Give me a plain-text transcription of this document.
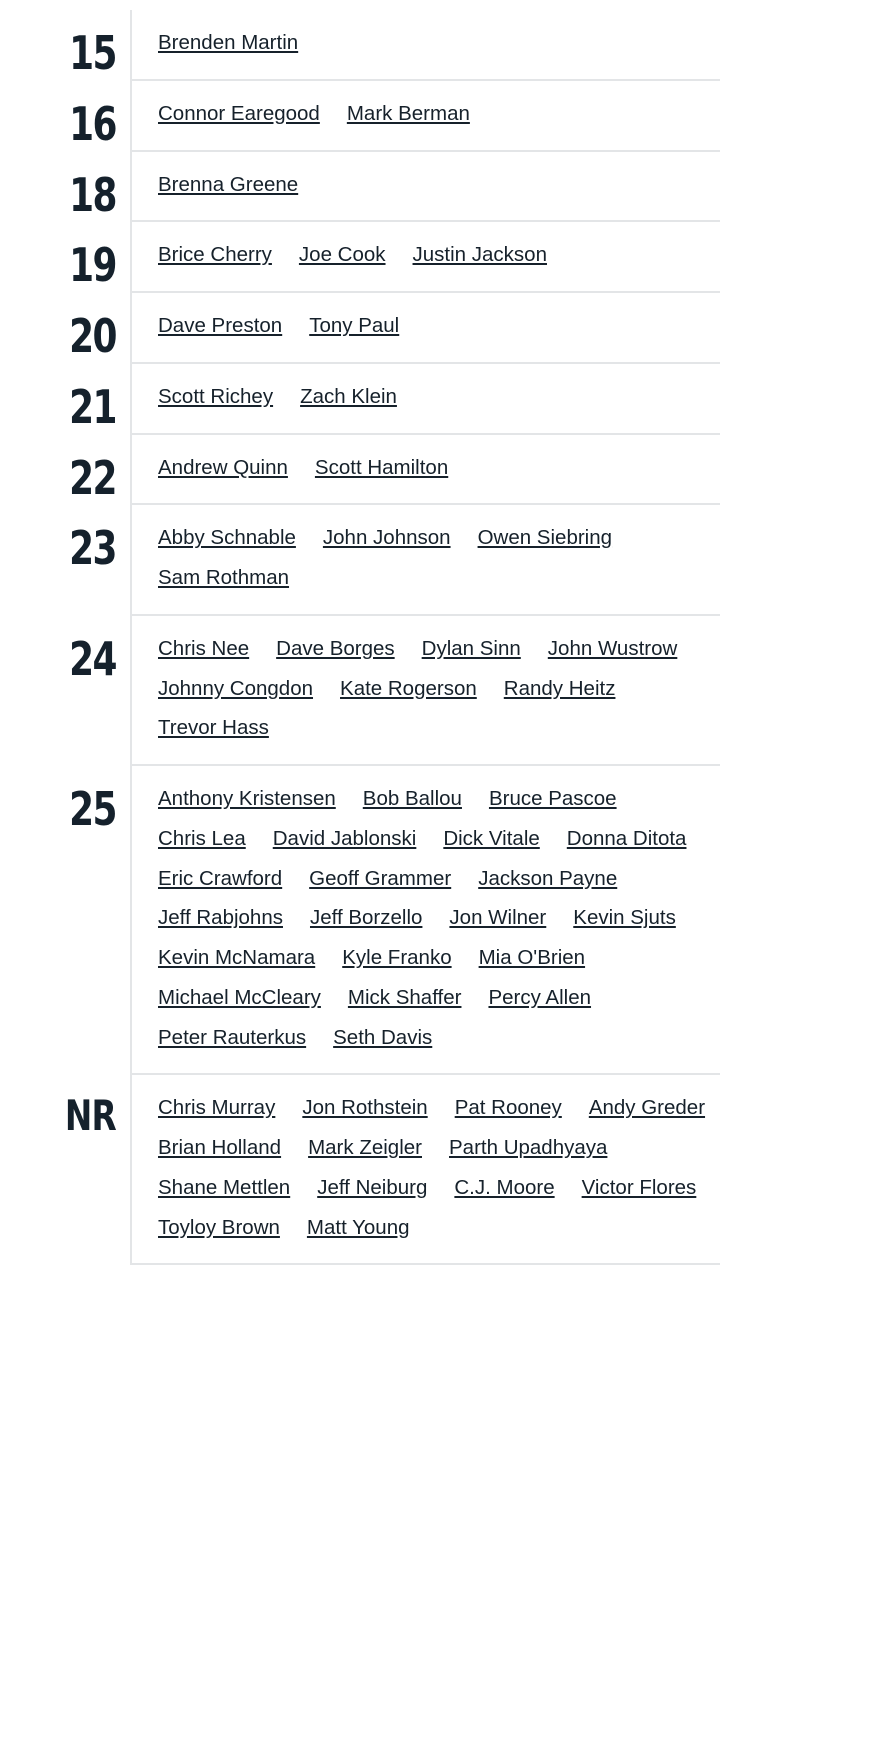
15	Brenden Martin
16	Connor Earegood Mark Berman
18	Brenna Greene
19	Brice Cherry Joe Cook Justin Jackson
20	Dave Preston Tony Paul
21	Scott Richey Zach Klein
22	Andrew Quinn Scott Hamilton
23	Abby Schnable John Johnson Owen Siebring
Sam Rothman
24	Chris Nee Dave Borges Dylan Sinn John Wustrow
Johnny Congdon Kate Rogerson Randy Heitz
Trevor Hass
25	Anthony Kristensen Bob Ballou Bruce Pascoe
Chris Lea David Jablonski Dick Vitale Donna Ditota
Eric Crawford Geoff Grammer Jackson Payne
Jeff Rabjohns Jeff Borzello Jon Wilner Kevin Sjuts
Kevin McNamara Kyle Franko Mia O'Brien
Michael McCleary Mick Shaffer Percy Allen
Peter Rauterkus Seth Davis
NR	Chris Murray Jon Rothstein Pat Rooney Andy Greder
Brian Holland Mark Zeigler Parth Upadhyaya
Shane Mettlen Jeff Neiburg C.J. Moore Victor Flores
Toyloy Brown Matt Young
